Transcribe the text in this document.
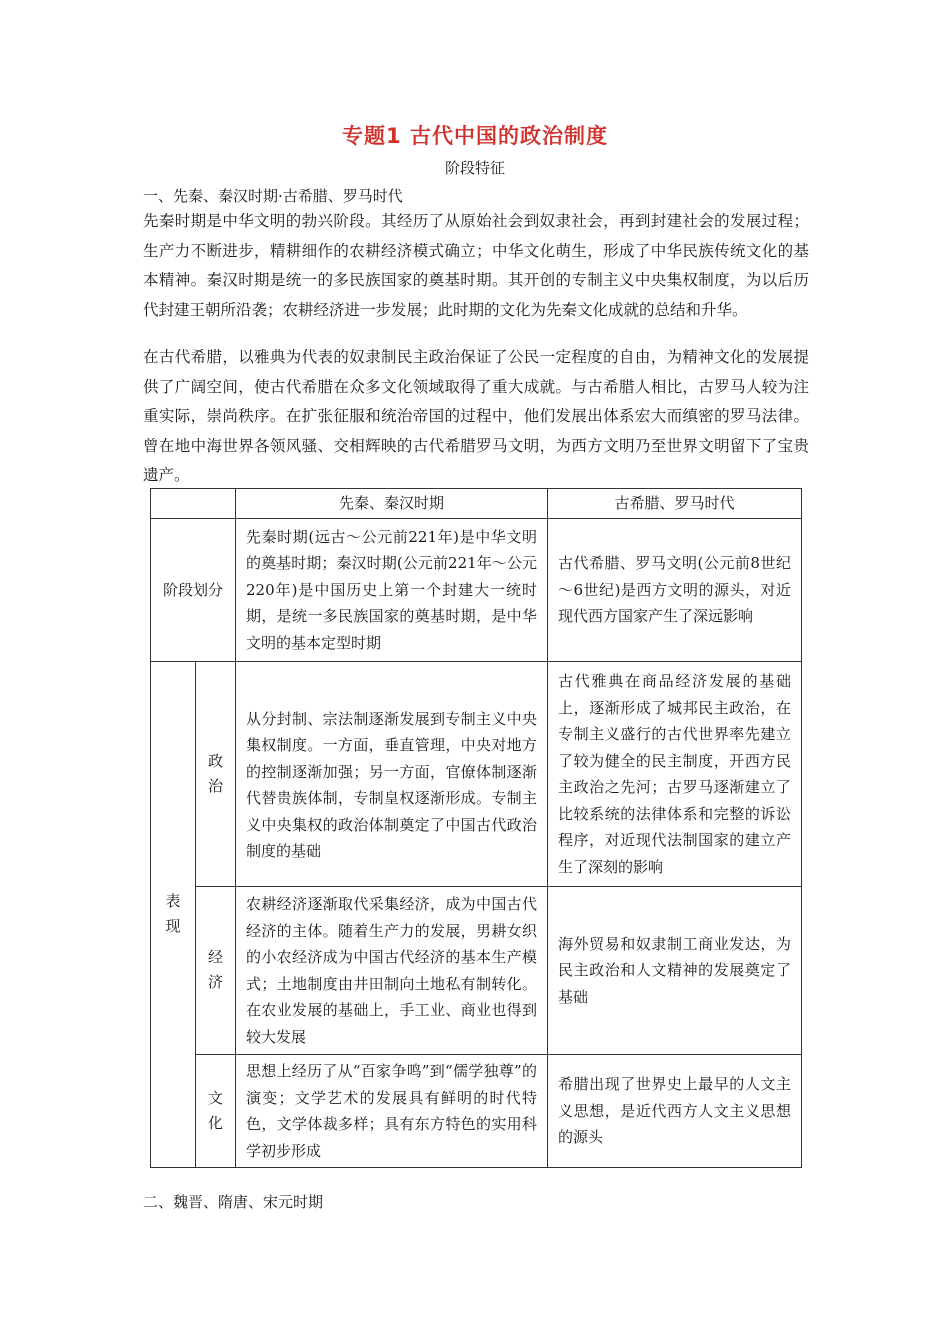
专题1 古代中国的政治制度
阶段特征
一、先秦、秦汉时期·古希腊、罗马时代

先秦时期是中华文明的勃兴阶段。其经历了从原始社会到奴隶社会，再到封建社会的发展过程；生产力不断进步，精耕细作的农耕经济模式确立；中华文化萌生，形成了中华民族传统文化的基本精神。秦汉时期是统一的多民族国家的奠基时期。其开创的专制主义中央集权制度，为以后历代封建王朝所沿袭；农耕经济进一步发展；此时期的文化为先秦文化成就的总结和升华。

在古代希腊，以雅典为代表的奴隶制民主政治保证了公民一定程度的自由，为精神文化的发展提供了广阔空间，使古代希腊在众多文化领域取得了重大成就。与古希腊人相比，古罗马人较为注重实际，崇尚秩序。在扩张征服和统治帝国的过程中，他们发展出体系宏大而缜密的罗马法律。曾在地中海世界各领风骚、交相辉映的古代希腊罗马文明，为西方文明乃至世界文明留下了宝贵遗产。

		先秦、秦汉时期	古希腊、罗马时代
阶段划分		先秦时期(远古～公元前221年)是中华文明的奠基时期；秦汉时期(公元前221年～公元220年)是中国历史上第一个封建大一统时期，是统一多民族国家的奠基时期，是中华文明的基本定型时期	古代希腊、罗马文明(公元前8世纪～6世纪)是西方文明的源头，对近现代西方国家产生了深远影响
表现	政治	从分封制、宗法制逐渐发展到专制主义中央集权制度。一方面，垂直管理，中央对地方的控制逐渐加强；另一方面，官僚体制逐渐代替贵族体制，专制皇权逐渐形成。专制主义中央集权的政治体制奠定了中国古代政治制度的基础	古代雅典在商品经济发展的基础上，逐渐形成了城邦民主政治，在专制主义盛行的古代世界率先建立了较为健全的民主制度，开西方民主政治之先河；古罗马逐渐建立了比较系统的法律体系和完整的诉讼程序，对近现代法制国家的建立产生了深刻的影响
	经济	农耕经济逐渐取代采集经济，成为中国古代经济的主体。随着生产力的发展，男耕女织的小农经济成为中国古代经济的基本生产模式；土地制度由井田制向土地私有制转化。在农业发展的基础上，手工业、商业也得到较大发展	海外贸易和奴隶制工商业发达，为民主政治和人文精神的发展奠定了基础
	文化	思想上经历了从“百家争鸣”到“儒学独尊”的演变；文学艺术的发展具有鲜明的时代特色，文学体裁多样；具有东方特色的实用科学初步形成	希腊出现了世界史上最早的人文主义思想，是近代西方人文主义思想的源头
二、魏晋、隋唐、宋元时期
